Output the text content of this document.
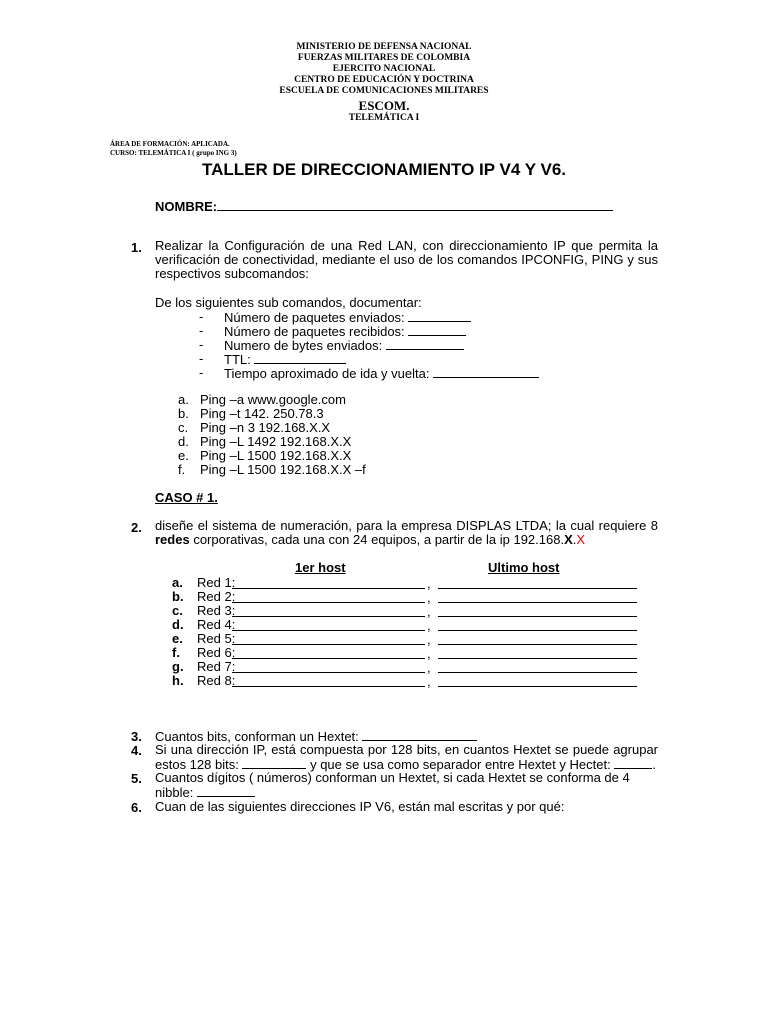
MINISTERIO DE DEFENSA NACIONAL
FUERZAS MILITARES DE COLOMBIA
EJERCITO NACIONAL
CENTRO DE EDUCACIÓN Y DOCTRINA
ESCUELA DE COMUNICACIONES MILITARES
ESCOM.
TELEMÁTICA I
ÁREA DE FORMACIÓN: APLICADA.
CURSO: TELEMÁTICA I ( grupo ING 3)
TALLER DE DIRECCIONAMIENTO IP V4 Y V6.
NOMBRE:
1. Realizar la Configuración de una Red LAN, con direccionamiento IP que permita la
verificación de conectividad, mediante el uso de los comandos IPCONFIG, PING y sus
respectivos subcomandos:
De los siguientes sub comandos, documentar:
- Número de paquetes enviados:
- Número de paquetes recibidos:
- Numero de bytes enviados:
- TTL:
- Tiempo aproximado de ida y vuelta:
a. Ping –a www.google.com
b. Ping –t 142. 250.78.3
c. Ping –n 3 192.168.X.X
d. Ping –L 1492 192.168.X.X
e. Ping –L 1500 192.168.X.X
f. Ping –L 1500 192.168.X.X –f
CASO # 1.
2. diseñe el sistema de numeración, para la empresa DISPLAS LTDA; la cual requiere 8
redes corporativas, cada una con 24 equipos, a partir de la ip 192.168.X.X
1er host	Ultimo host
a. Red 1:	,
b. Red 2:	,
c. Red 3:	,
d. Red 4:	,
e. Red 5:	,
f. Red 6:	,
g. Red 7:	,
h. Red 8:	,
3. Cuantos bits, conforman un Hextet:
4. Si una dirección IP, está compuesta por 128 bits, en cuantos Hextet se puede agrupar
estos 128 bits:	y que se usa como separador entre Hextet y Hectet:	.
5. Cuantos dígitos ( números) conforman un Hextet, si cada Hextet se conforma de 4
nibble:
6. Cuan de las siguientes direcciones IP V6, están mal escritas y por qué:
